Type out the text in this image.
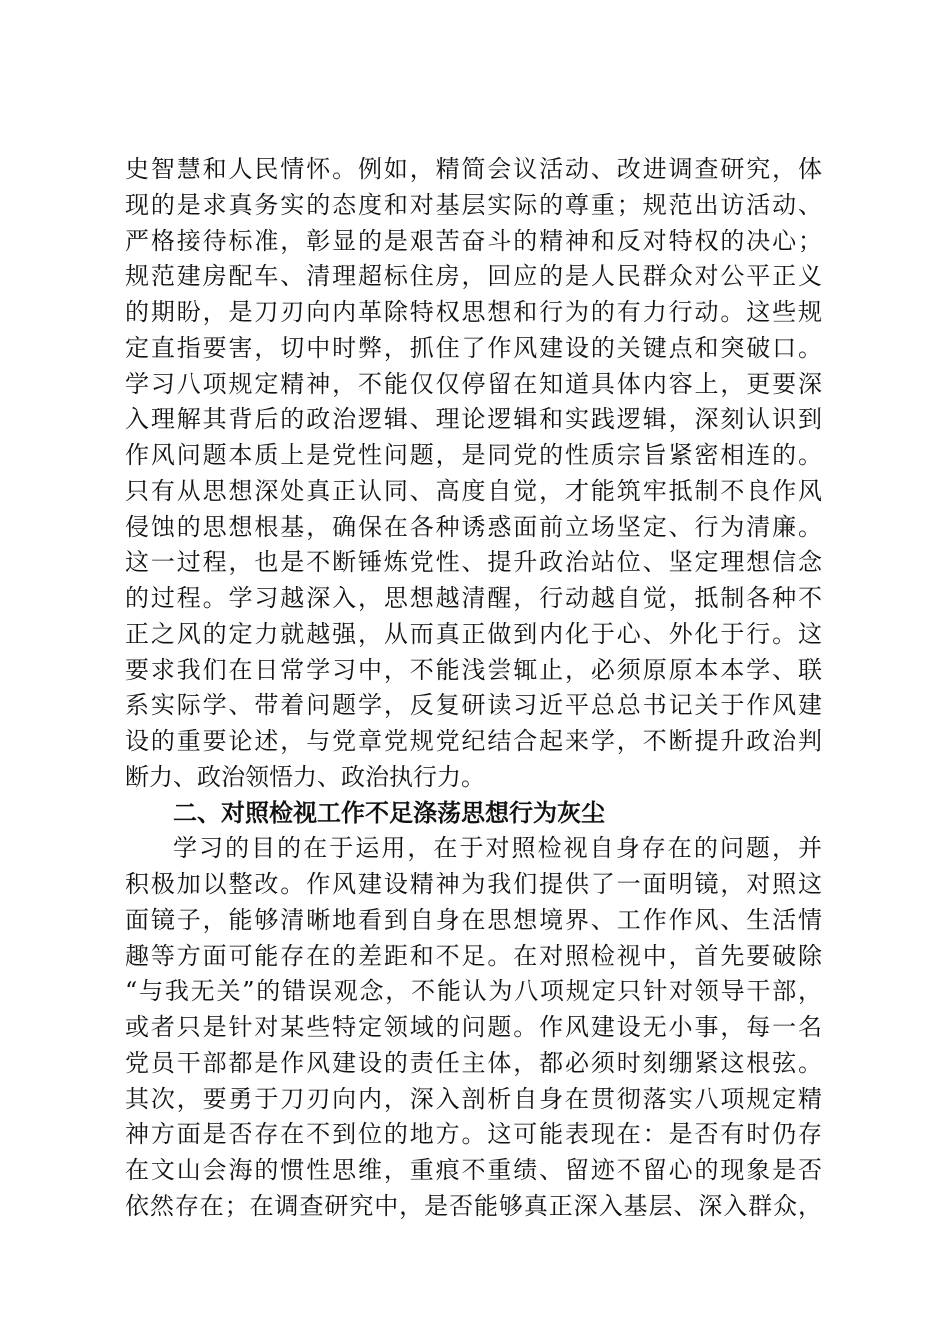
史智慧和人民情怀。例如，精简会议活动、改进调查研究，体
现的是求真务实的态度和对基层实际的尊重；规范出访活动、
严格接待标准，彰显的是艰苦奋斗的精神和反对特权的决心；
规范建房配车、清理超标住房，回应的是人民群众对公平正义
的期盼，是刀刃向内革除特权思想和行为的有力行动。这些规
定直指要害，切中时弊，抓住了作风建设的关键点和突破口。
学习八项规定精神，不能仅仅停留在知道具体内容上，更要深
入理解其背后的政治逻辑、理论逻辑和实践逻辑，深刻认识到
作风问题本质上是党性问题，是同党的性质宗旨紧密相连的。
只有从思想深处真正认同、高度自觉，才能筑牢抵制不良作风
侵蚀的思想根基，确保在各种诱惑面前立场坚定、行为清廉。
这一过程，也是不断锤炼党性、提升政治站位、坚定理想信念
的过程。学习越深入，思想越清醒，行动越自觉，抵制各种不
正之风的定力就越强，从而真正做到内化于心、外化于行。这
要求我们在日常学习中，不能浅尝辄止，必须原原本本学、联
系实际学、带着问题学，反复研读习近平总总书记关于作风建
设的重要论述，与党章党规党纪结合起来学，不断提升政治判
断力、政治领悟力、政治执行力。
二、对照检视工作不足涤荡思想行为灰尘
学习的目的在于运用，在于对照检视自身存在的问题，并
积极加以整改。作风建设精神为我们提供了一面明镜，对照这
面镜子，能够清晰地看到自身在思想境界、工作作风、生活情
趣等方面可能存在的差距和不足。在对照检视中，首先要破除
“与我无关”的错误观念，不能认为八项规定只针对领导干部，
或者只是针对某些特定领域的问题。作风建设无小事，每一名
党员干部都是作风建设的责任主体，都必须时刻绷紧这根弦。
其次，要勇于刀刃向内，深入剖析自身在贯彻落实八项规定精
神方面是否存在不到位的地方。这可能表现在：是否有时仍存
在文山会海的惯性思维，重痕不重绩、留迹不留心的现象是否
依然存在；在调查研究中，是否能够真正深入基层、深入群众，
